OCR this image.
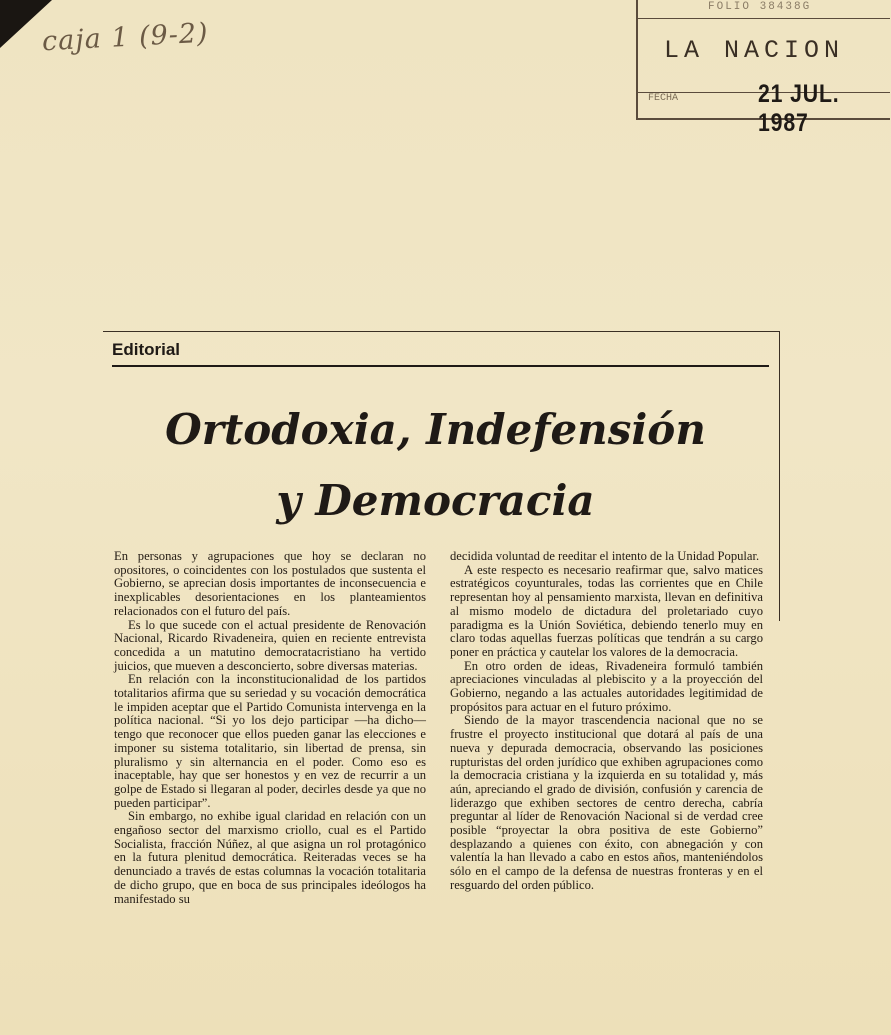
caja 1 (9-2)
FOLIO 38438G
LA NACION
FECHA	21 JUL. 1987
Editorial
Ortodoxia, Indefensión
y Democracia

En personas y agrupaciones que hoy se declaran no opositores, o coincidentes con los postulados que sustenta el Gobierno, se aprecian dosis importantes de inconsecuencia e inexplicables desorientaciones en los planteamientos relacionados con el futuro del país.

Es lo que sucede con el actual presidente de Renovación Nacional, Ricardo Rivadeneira, quien en reciente entrevista concedida a un matutino democratacristiano ha vertido juicios, que mueven a desconcierto, sobre diversas materias.

En relación con la inconstitucionalidad de los partidos totalitarios afirma que su seriedad y su vocación democrática le impiden aceptar que el Partido Comunista intervenga en la política nacional. “Si yo los dejo participar —ha dicho— tengo que reconocer que ellos pueden ganar las elecciones e imponer su sistema totalitario, sin libertad de prensa, sin pluralismo y sin alternancia en el poder. Como eso es inaceptable, hay que ser honestos y en vez de recurrir a un golpe de Estado si llegaran al poder, decirles desde ya que no pueden participar”.

Sin embargo, no exhibe igual claridad en relación con un engañoso sector del marxismo criollo, cual es el Partido Socialista, fracción Núñez, al que asigna un rol protagónico en la futura plenitud democrática. Reiteradas veces se ha denunciado a través de estas columnas la vocación totalitaria de dicho grupo, que en boca de sus principales ideólogos ha manifestado su

decidida voluntad de reeditar el intento de la Unidad Popular.

A este respecto es necesario reafirmar que, salvo matices estratégicos coyunturales, todas las corrientes que en Chile representan hoy al pensamiento marxista, llevan en definitiva al mismo modelo de dictadura del proletariado cuyo paradigma es la Unión Soviética, debiendo tenerlo muy en claro todas aquellas fuerzas políticas que tendrán a su cargo poner en práctica y cautelar los valores de la democracia.

En otro orden de ideas, Rivadeneira formuló también apreciaciones vinculadas al plebiscito y a la proyección del Gobierno, negando a las actuales autoridades legitimidad de propósitos para actuar en el futuro próximo.

Siendo de la mayor trascendencia nacional que no se frustre el proyecto institucional que dotará al país de una nueva y depurada democracia, observando las posiciones rupturistas del orden jurídico que exhiben agrupaciones como la democracia cristiana y la izquierda en su totalidad y, más aún, apreciando el grado de división, confusión y carencia de liderazgo que exhiben sectores de centro derecha, cabría preguntar al líder de Renovación Nacional si de verdad cree posible “proyectar la obra positiva de este Gobierno” desplazando a quienes con éxito, con abnegación y con valentía la han llevado a cabo en estos años, manteniéndolos sólo en el campo de la defensa de nuestras fronteras y en el resguardo del orden público.
